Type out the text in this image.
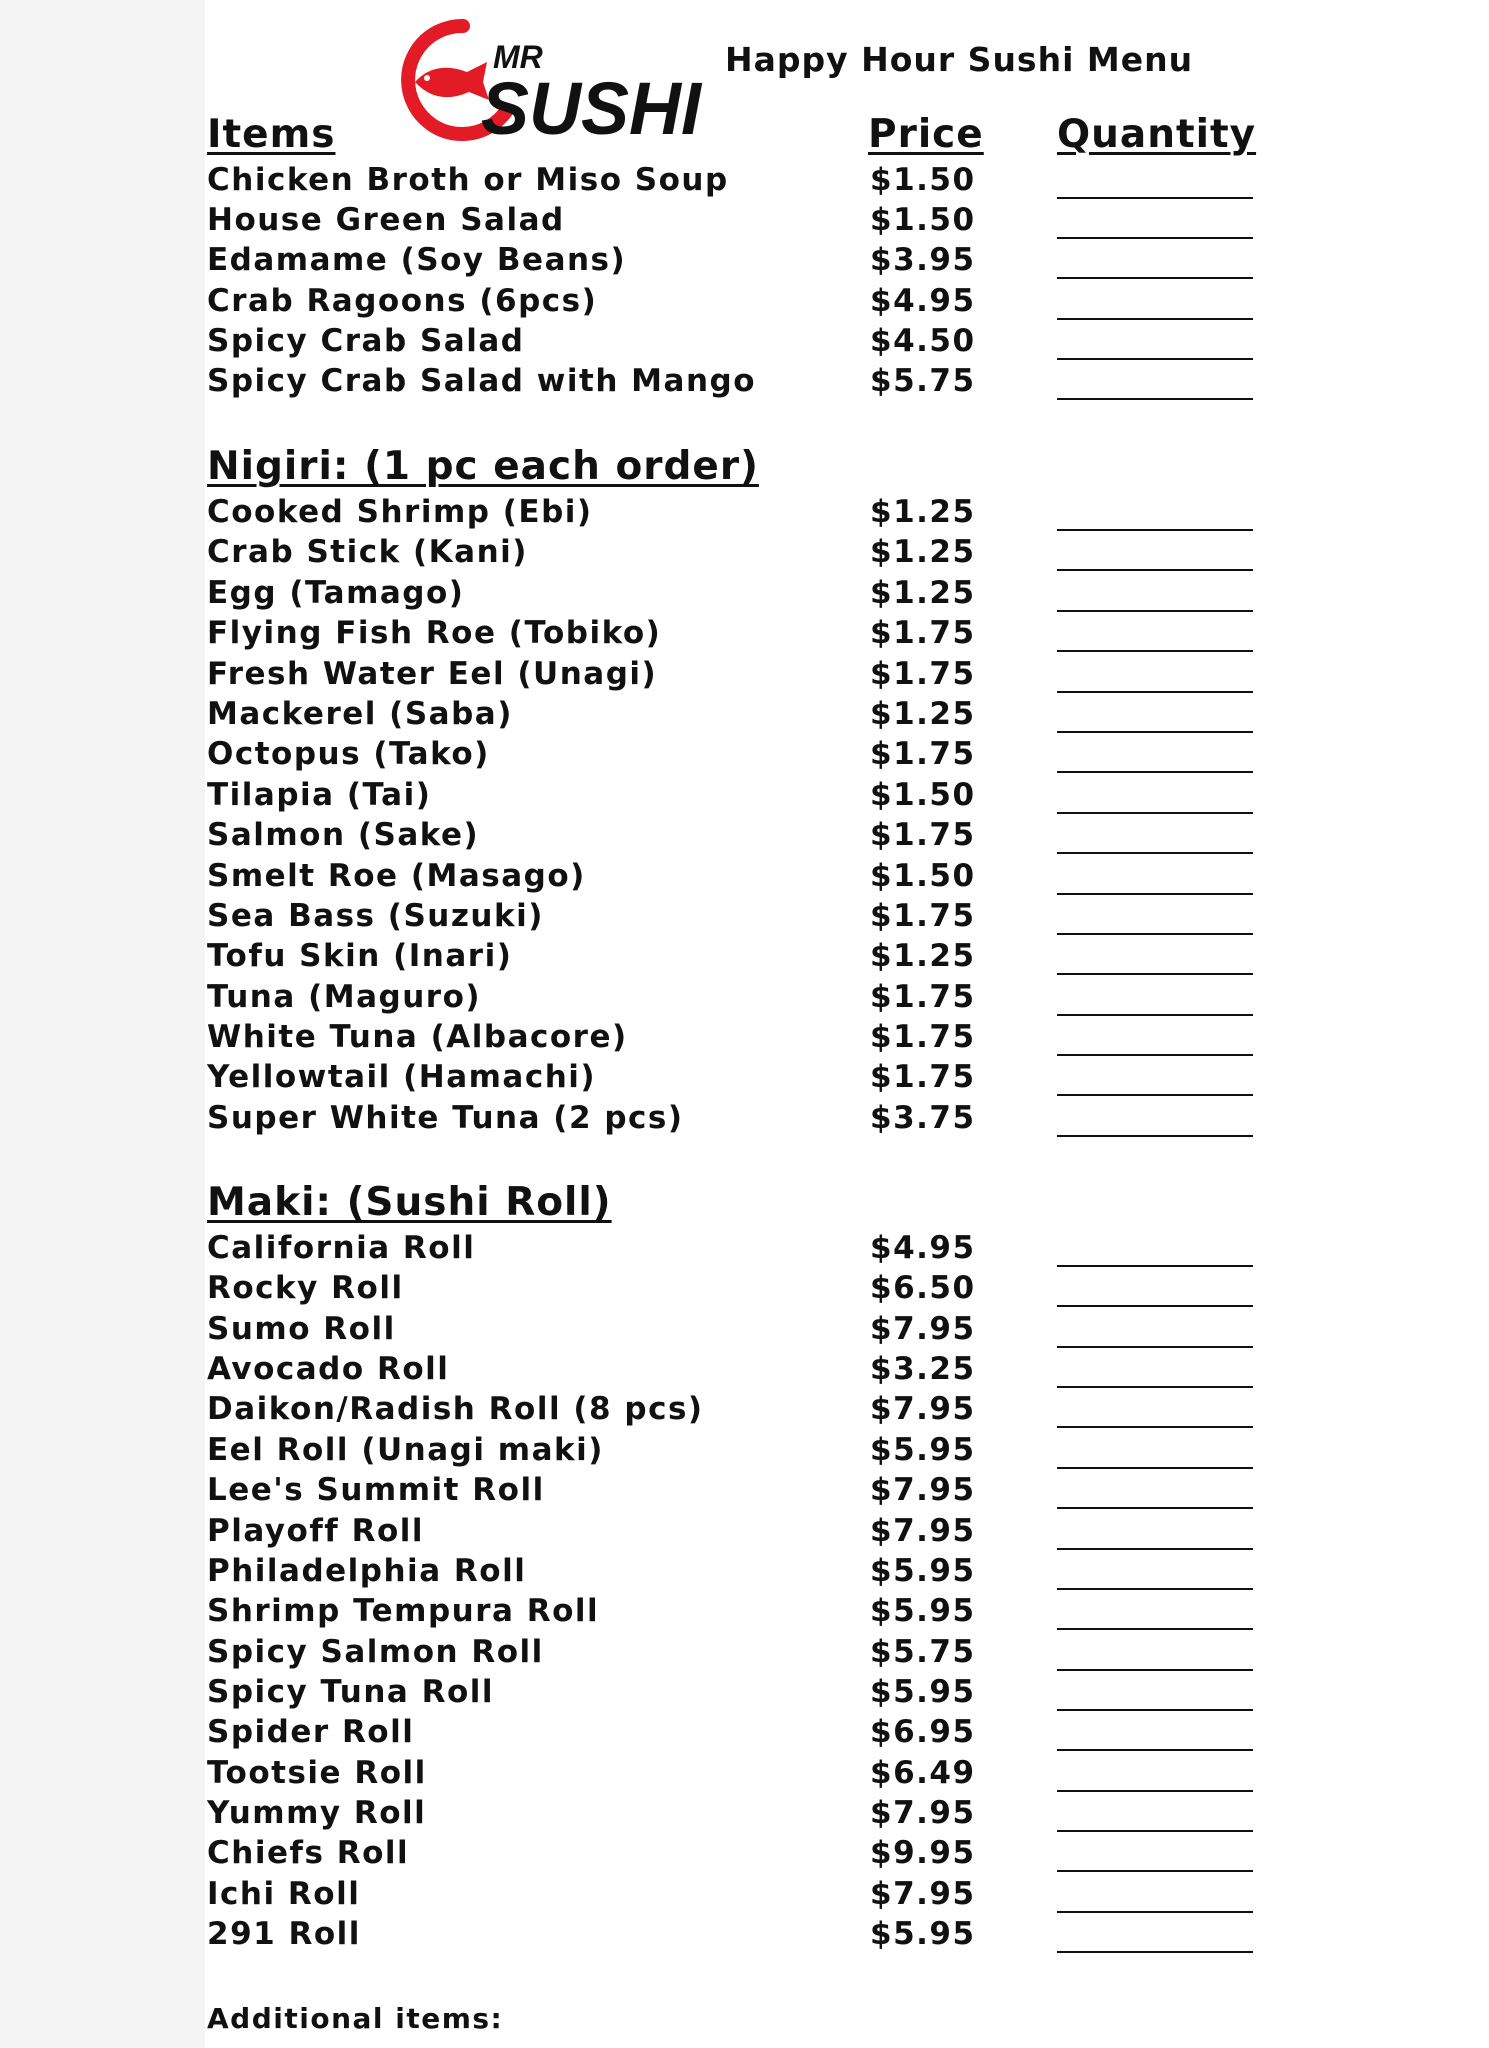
MR
SUSHI
Happy Hour Sushi Menu
Items	Price Quantity
Chicken Broth or Miso Soup	$1.50
House Green Salad	$1.50
Edamame (Soy Beans)	$3.95
Crab Ragoons (6pcs)	$4.95
Spicy Crab Salad	$4.50
Spicy Crab Salad with Mango	$5.75
Nigiri: (1 pc each order)
Cooked Shrimp (Ebi)	$1.25
Crab Stick (Kani)	$1.25
Egg (Tamago)	$1.25
Flying Fish Roe (Tobiko)	$1.75
Fresh Water Eel (Unagi)	$1.75
Mackerel (Saba)	$1.25
Octopus (Tako)	$1.75
Tilapia (Tai)	$1.50
Salmon (Sake)	$1.75
Smelt Roe (Masago)	$1.50
Sea Bass (Suzuki)	$1.75
Tofu Skin (Inari)	$1.25
Tuna (Maguro)	$1.75
White Tuna (Albacore)	$1.75
Yellowtail (Hamachi)	$1.75
Super White Tuna (2 pcs)	$3.75
Maki: (Sushi Roll)
California Roll	$4.95
Rocky Roll	$6.50
Sumo Roll	$7.95
Avocado Roll	$3.25
Daikon/Radish Roll (8 pcs)	$7.95
Eel Roll (Unagi maki)	$5.95
Lee's Summit Roll	$7.95
Playoff Roll	$7.95
Philadelphia Roll	$5.95
Shrimp Tempura Roll	$5.95
Spicy Salmon Roll	$5.75
Spicy Tuna Roll	$5.95
Spider Roll	$6.95
Tootsie Roll	$6.49
Yummy Roll	$7.95
Chiefs Roll	$9.95
Ichi Roll	$7.95
291 Roll	$5.95
Additional items:
